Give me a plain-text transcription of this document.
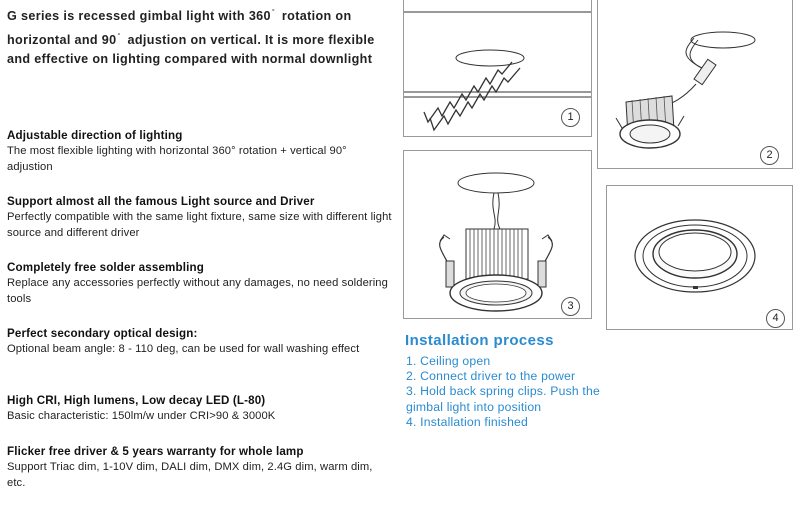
G series is recessed gimbal light with 360° rotation on horizontal and 90° adjustion on vertical. It is more flexible and effective on lighting compared with normal downlight
Adjustable direction of lighting

The most flexible lighting with horizontal 360° rotation + vertical 90° adjustion

Support almost all the famous Light source and Driver

Perfectly compatible with the same light fixture, same size with different light source and different driver

Completely free solder assembling

Replace any accessories perfectly without any damages, no need soldering tools

Perfect secondary optical design:

Optional beam angle: 8 - 110 deg, can be used for wall washing effect

High CRI, High lumens, Low decay LED (L-80)

Basic characteristic: 150lm/w under CRI>90 & 3000K

Flicker free driver & 5 years warranty for whole lamp

Support Triac dim, 1-10V dim, DALI dim, DMX dim, 2.4G dim, warm dim, etc.

1
2
3
4
Installation process
1. Ceiling open
2. Connect driver to the power
3. Hold back spring clips. Push the gimbal light into position
4. Installation finished
